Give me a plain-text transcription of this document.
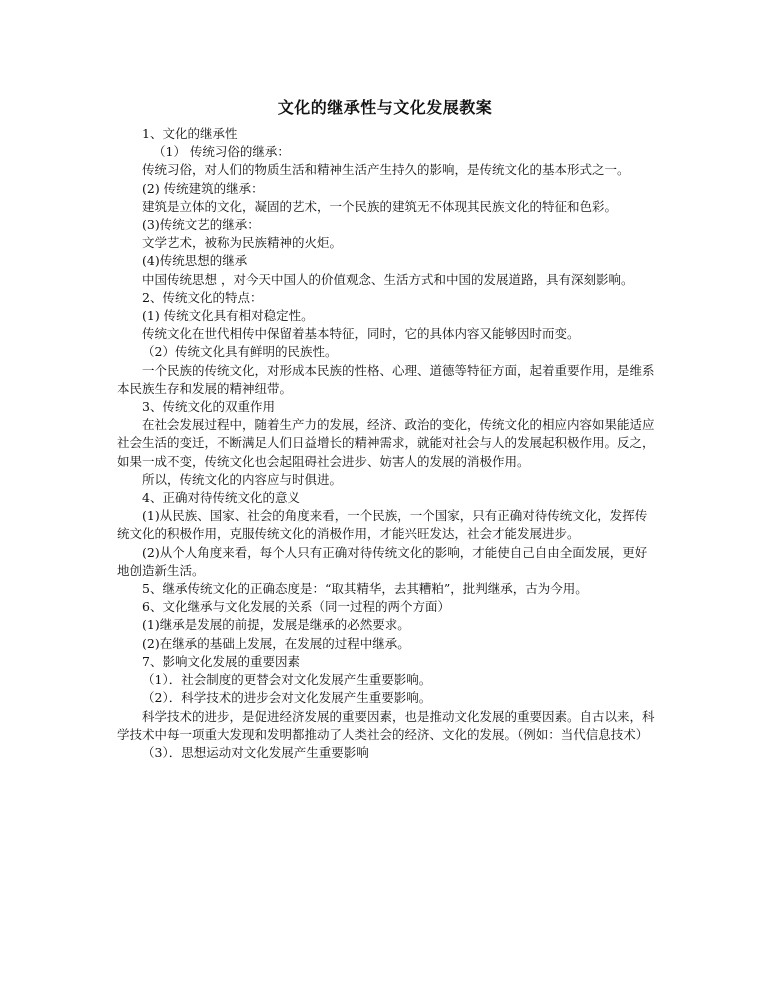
文化的继承性与文化发展教案

1、文化的继承性

（1） 传统习俗的继承：

传统习俗，对人们的物质生活和精神生活产生持久的影响，是传统文化的基本形式之一。

(2) 传统建筑的继承：

建筑是立体的文化，凝固的艺术，一个民族的建筑无不体现其民族文化的特征和色彩。

(3)传统文艺的继承：

文学艺术，被称为民族精神的火炬。

(4)传统思想的继承

中国传统思想 ，对今天中国人的价值观念、生活方式和中国的发展道路，具有深刻影响。

2、传统文化的特点：

(1) 传统文化具有相对稳定性。

传统文化在世代相传中保留着基本特征，同时，它的具体内容又能够因时而变。

（2）传统文化具有鲜明的民族性。

一个民族的传统文化，对形成本民族的性格、心理、道德等特征方面，起着重要作用，是维系本民族生存和发展的精神纽带。

3、传统文化的双重作用

在社会发展过程中，随着生产力的发展，经济、政治的变化，传统文化的相应内容如果能适应社会生活的变迁，不断满足人们日益增长的精神需求，就能对社会与人的发展起积极作用。反之，如果一成不变，传统文化也会起阻碍社会进步、妨害人的发展的消极作用。

所以，传统文化的内容应与时俱进。

4、正确对待传统文化的意义

(1)从民族、国家、社会的角度来看，一个民族，一个国家，只有正确对待传统文化，发挥传统文化的积极作用，克服传统文化的消极作用，才能兴旺发达，社会才能发展进步。

(2)从个人角度来看，每个人只有正确对待传统文化的影响，才能使自己自由全面发展，更好地创造新生活。

5、继承传统文化的正确态度是：“取其精华，去其糟粕”，批判继承，古为今用。

6、文化继承与文化发展的关系（同一过程的两个方面）

(1)继承是发展的前提，发展是继承的必然要求。

(2)在继承的基础上发展，在发展的过程中继承。

7、影响文化发展的重要因素

（1）．社会制度的更替会对文化发展产生重要影响。

（2）．科学技术的进步会对文化发展产生重要影响。

科学技术的进步，是促进经济发展的重要因素，也是推动文化发展的重要因素。自古以来，科学技术中每一项重大发现和发明都推动了人类社会的经济、文化的发展。（例如：当代信息技术）

（3）．思想运动对文化发展产生重要影响
